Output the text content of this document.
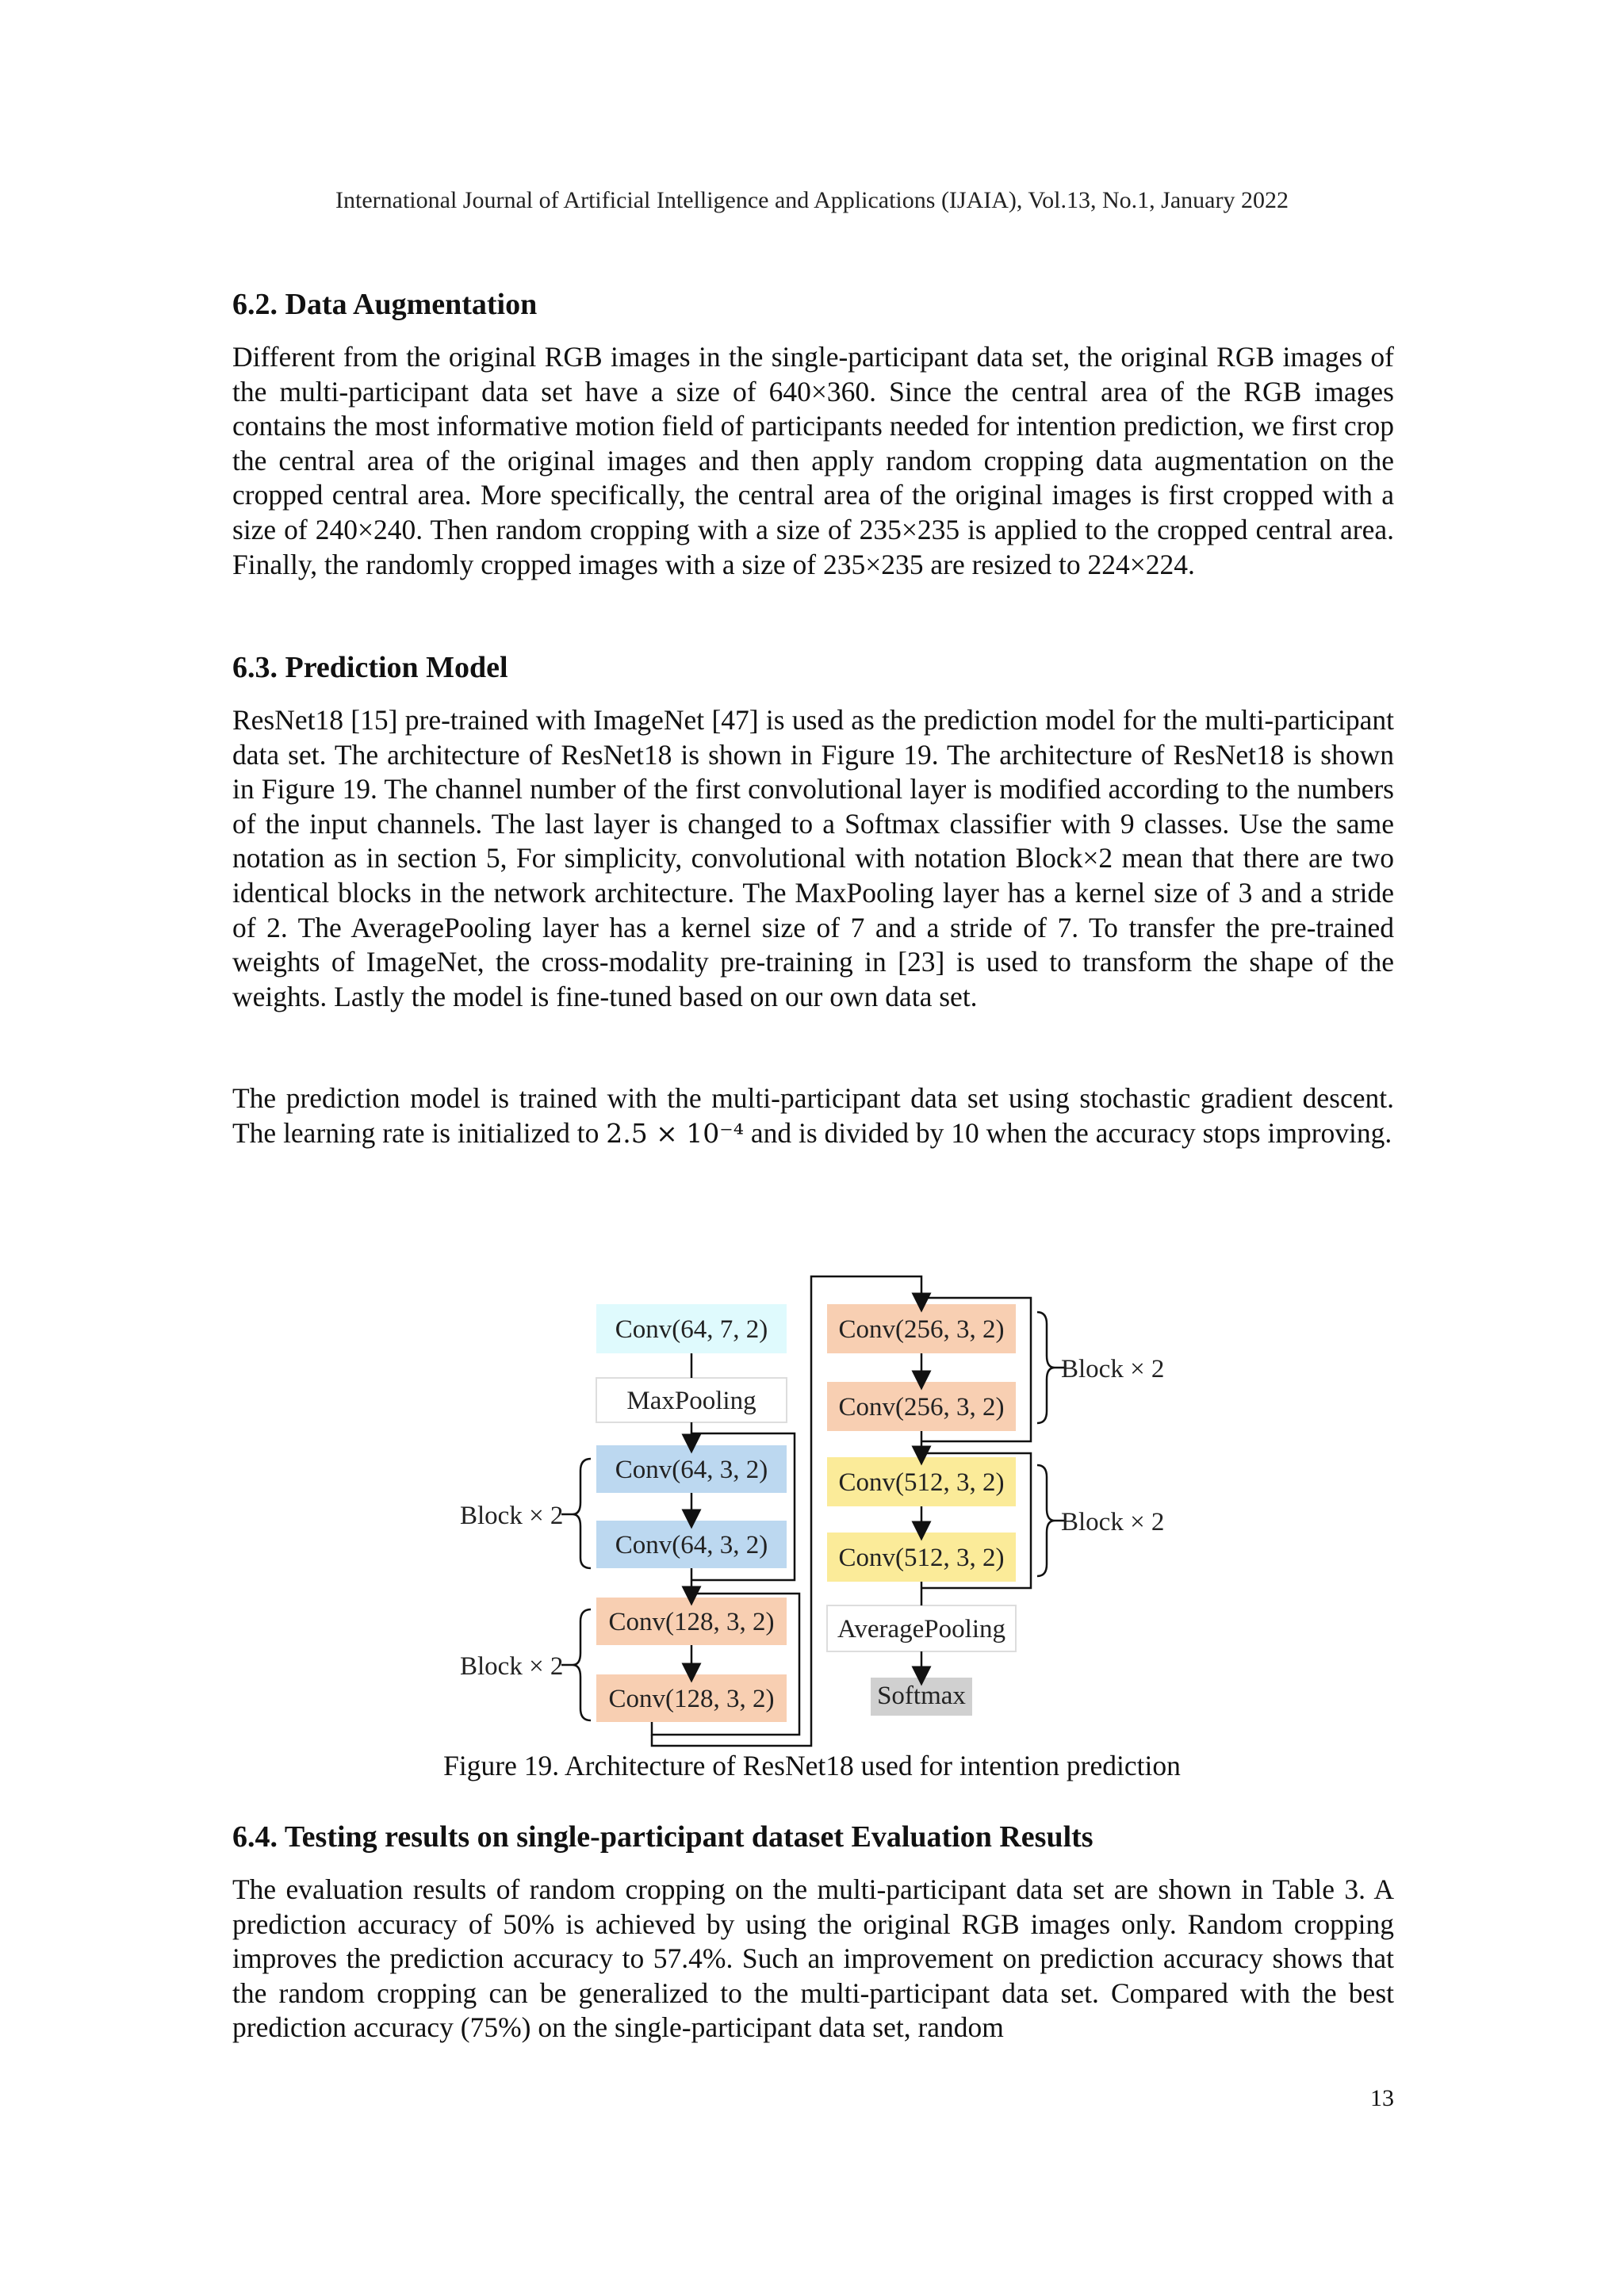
International Journal of Artificial Intelligence and Applications (IJAIA), Vol.13, No.1, January 2022
6.2. Data Augmentation

Different from the original RGB images in the single-participant data set, the original RGB images of the multi-participant data set have a size of 640×360. Since the central area of the RGB images contains the most informative motion field of participants needed for intention prediction, we first crop the central area of the original images and then apply random cropping data augmentation on the cropped central area. More specifically, the central area of the original images is first cropped with a size of 240×240. Then random cropping with a size of 235×235 is applied to the cropped central area. Finally, the randomly cropped images with a size of 235×235 are resized to 224×224.

6.3. Prediction Model

ResNet18 [15] pre-trained with ImageNet [47] is used as the prediction model for the multi-participant data set. The architecture of ResNet18 is shown in Figure 19. The architecture of ResNet18 is shown in Figure 19. The channel number of the first convolutional layer is modified according to the numbers of the input channels. The last layer is changed to a Softmax classifier with 9 classes. Use the same notation as in section 5, For simplicity, convolutional with notation Block×2 mean that there are two identical blocks in the network architecture. The MaxPooling layer has a kernel size of 3 and a stride of 2. The AveragePooling layer has a kernel size of 7 and a stride of 7. To transfer the pre-trained weights of ImageNet, the cross-modality pre-training in [23] is used to transform the shape of the weights. Lastly the model is fine-tuned based on our own data set.

The prediction model is trained with the multi-participant data set using stochastic gradient descent. The learning rate is initialized to 2.5 × 10⁻⁴ and is divided by 10 when the accuracy stops improving.

Conv(64, 7, 2)
MaxPooling
Conv(64, 3, 2)
Conv(64, 3, 2)
Conv(128, 3, 2)
Conv(128, 3, 2)
Conv(256, 3, 2)
Conv(256, 3, 2)
Conv(512, 3, 2)
Conv(512, 3, 2)
AveragePooling
Softmax
Block × 2
Block × 2
Block × 2
Block × 2
Figure 19. Architecture of ResNet18 used for intention prediction
6.4. Testing results on single-participant dataset Evaluation Results

The evaluation results of random cropping on the multi-participant data set are shown in Table 3. A prediction accuracy of 50% is achieved by using the original RGB images only. Random cropping improves the prediction accuracy to 57.4%. Such an improvement on prediction accuracy shows that the random cropping can be generalized to the multi-participant data set. Compared with the best prediction accuracy (75%) on the single-participant data set, random

13
